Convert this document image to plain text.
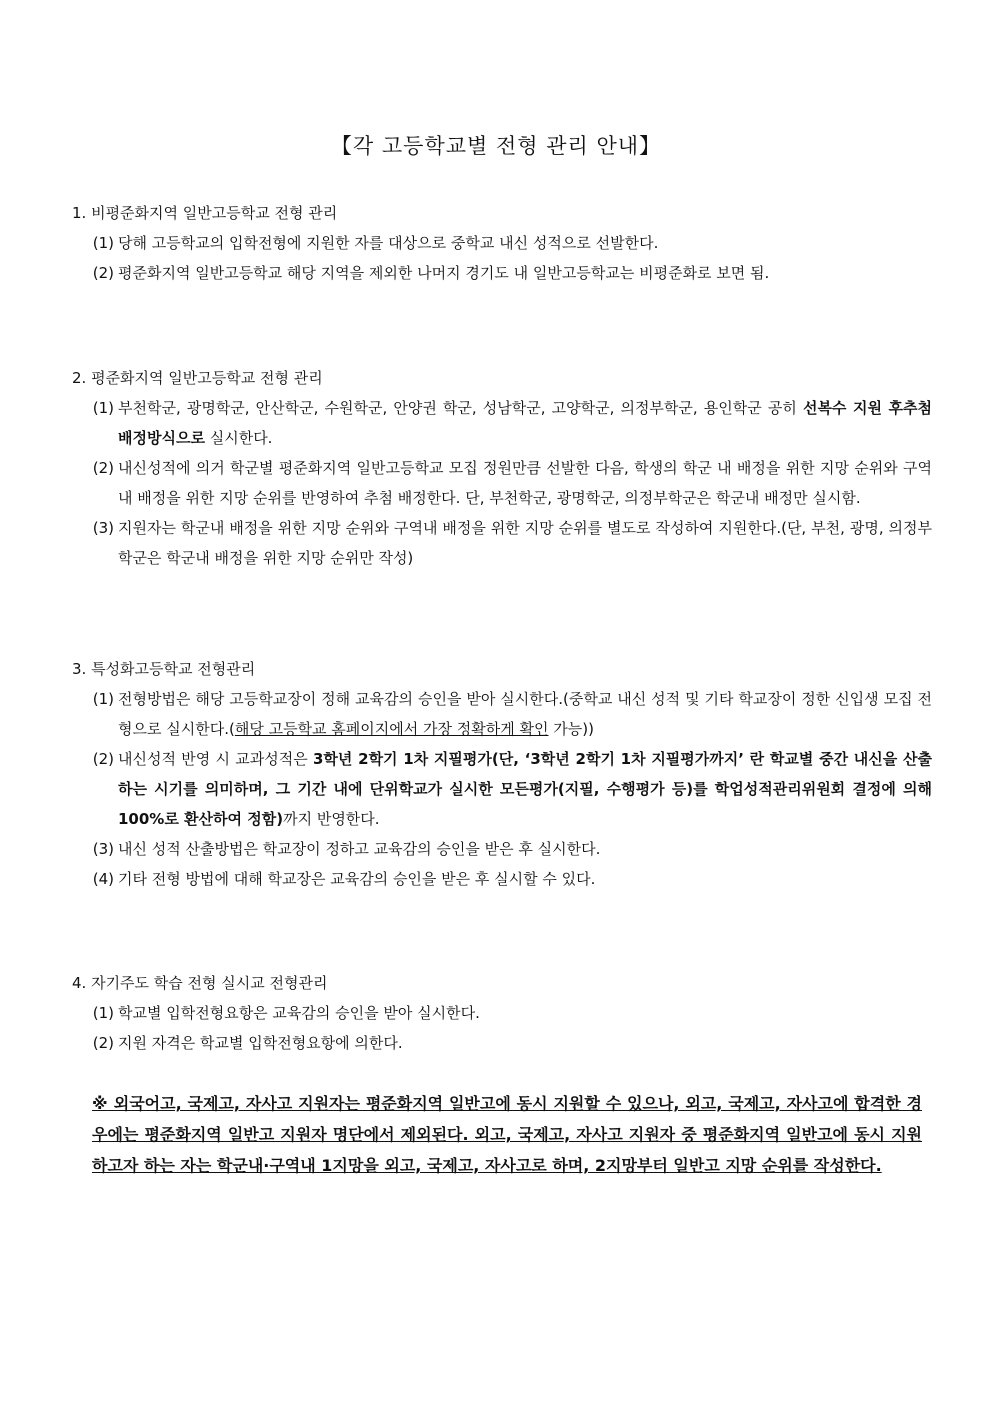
【각 고등학교별 전형 관리 안내】
1. 비평준화지역 일반고등학교 전형 관리
(1) 당해 고등학교의 입학전형에 지원한 자를 대상으로 중학교 내신 성적으로 선발한다.
(2) 평준화지역 일반고등학교 해당 지역을 제외한 나머지 경기도 내 일반고등학교는 비평준화로 보면 됨.
2. 평준화지역 일반고등학교 전형 관리
(1) 부천학군, 광명학군, 안산학군, 수원학군, 안양권 학군, 성남학군, 고양학군, 의정부학군, 용인학군 공히 선복수 지원 후추첨 배정방식으로 실시한다.
(2) 내신성적에 의거 학군별 평준화지역 일반고등학교 모집 정원만큼 선발한 다음, 학생의 학군 내 배정을 위한 지망 순위와 구역내 배정을 위한 지망 순위를 반영하여 추첨 배정한다. 단, 부천학군, 광명학군, 의정부학군은 학군내 배정만 실시함.
(3) 지원자는 학군내 배정을 위한 지망 순위와 구역내 배정을 위한 지망 순위를 별도로 작성하여 지원한다.(단, 부천, 광명, 의정부 학군은 학군내 배정을 위한 지망 순위만 작성)
3. 특성화고등학교 전형관리
(1) 전형방법은 해당 고등학교장이 정해 교육감의 승인을 받아 실시한다.(중학교 내신 성적 및 기타 학교장이 정한 신입생 모집 전형으로 실시한다.(해당 고등학교 홈페이지에서 가장 정확하게 확인 가능))
(2) 내신성적 반영 시 교과성적은 3학년 2학기 1차 지필평가(단, ‘3학년 2학기 1차 지필평가까지’ 란 학교별 중간 내신을 산출하는 시기를 의미하며, 그 기간 내에 단위학교가 실시한 모든평가(지필, 수행평가 등)를 학업성적관리위원회 결정에 의해 100%로 환산하여 정함)까지 반영한다.
(3) 내신 성적 산출방법은 학교장이 정하고 교육감의 승인을 받은 후 실시한다.
(4) 기타 전형 방법에 대해 학교장은 교육감의 승인을 받은 후 실시할 수 있다.
4. 자기주도 학습 전형 실시교 전형관리
(1) 학교별 입학전형요항은 교육감의 승인을 받아 실시한다.
(2) 지원 자격은 학교별 입학전형요항에 의한다.
※ 외국어고, 국제고, 자사고 지원자는 평준화지역 일반고에 동시 지원할 수 있으나, 외고, 국제고, 자사고에 합격한 경우에는 평준화지역 일반고 지원자 명단에서 제외된다. 외고, 국제고, 자사고 지원자 중 평준화지역 일반고에 동시 지원하고자 하는 자는 학군내·구역내 1지망을 외고, 국제고, 자사고로 하며, 2지망부터 일반고 지망 순위를 작성한다.
